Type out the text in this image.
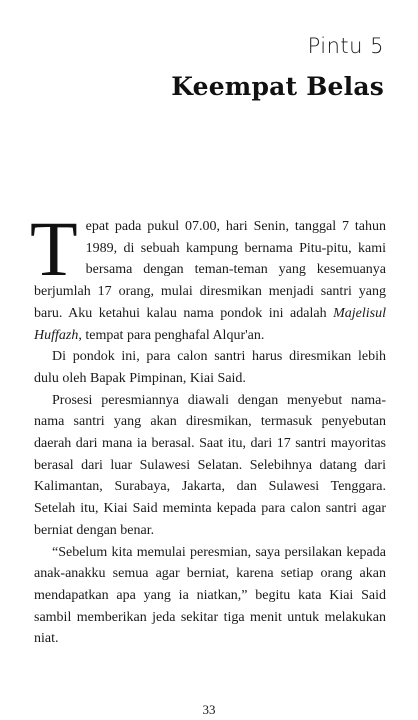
Pintu 5
Keempat Belas

Tepat pada pukul 07.00, hari Senin, tanggal 7 tahun 1989, di sebuah kampung bernama Pitu-pitu, kami bersama dengan teman-teman yang kesemuanya berjumlah 17 orang, mulai diresmikan menjadi santri yang baru. Aku ketahui kalau nama pondok ini adalah Majelisul Huffazh, tempat para penghafal Alqur'an.

Di pondok ini, para calon santri harus diresmikan lebih dulu oleh Bapak Pimpinan, Kiai Said.

Prosesi peresmiannya diawali dengan menyebut nama-nama santri yang akan diresmikan, termasuk penyebutan daerah dari mana ia berasal. Saat itu, dari 17 santri mayoritas berasal dari luar Sulawesi Selatan. Selebihnya datang dari Kalimantan, Surabaya, Jakarta, dan Sulawesi Tenggara. Setelah itu, Kiai Said meminta kepada para calon santri agar berniat dengan benar.

“Sebelum kita memulai peresmian, saya persilakan kepada anak-anakku semua agar berniat, karena setiap orang akan mendapatkan apa yang ia niatkan,” begitu kata Kiai Said sambil memberikan jeda sekitar tiga menit untuk melakukan niat.

33
